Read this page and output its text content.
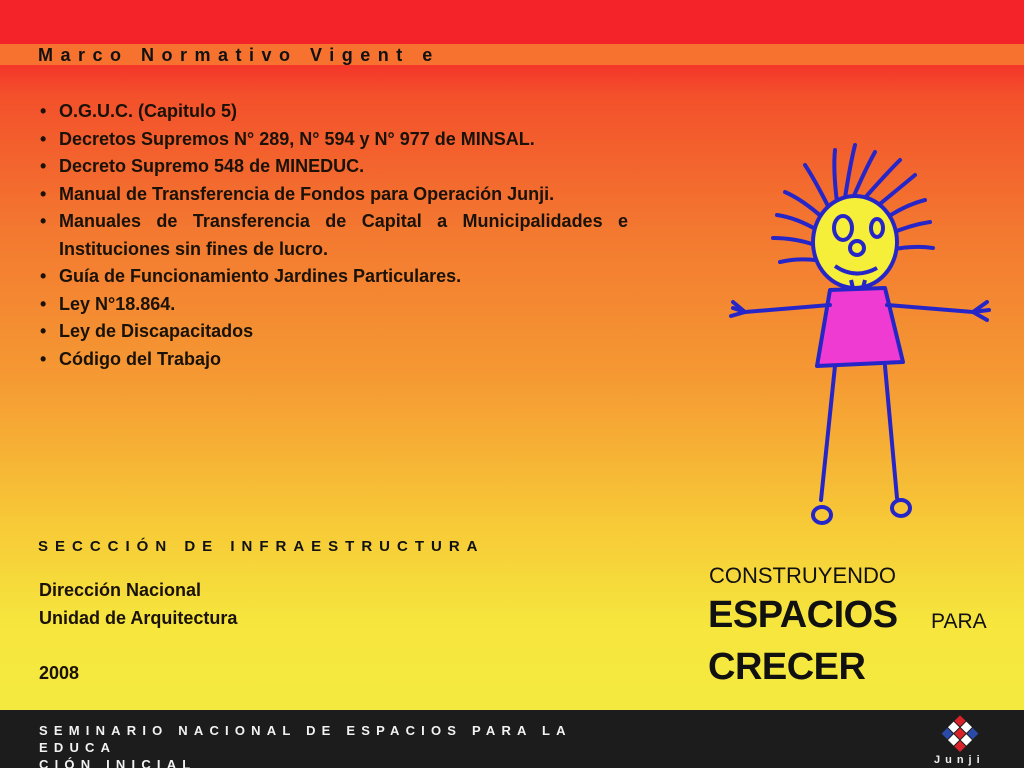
Marco Normativo Vigent e
• O.G.U.C. (Capitulo 5)
• Decretos Supremos N° 289, N° 594 y N° 977 de MINSAL.
• Decreto Supremo 548 de MINEDUC.
• Manual de Transferencia de Fondos para Operación Junji.
• Manuales de Transferencia de Capital a Municipalidades e Instituciones sin fines de lucro.
• Guía de Funcionamiento Jardines Particulares.
• Ley N°18.864.
• Ley de Discapacitados
• Código del Trabajo
SECCCIÓN DE INFRAESTRUCTURA
Dirección Nacional
Unidad de Arquitectura
2008
CONSTRUYENDO
ESPACIOS PARA
CRECER
SEMINARIO NACIONAL DE ESPACIOS PARA LA EDUCA
CIÓN INICIAL	Junji
